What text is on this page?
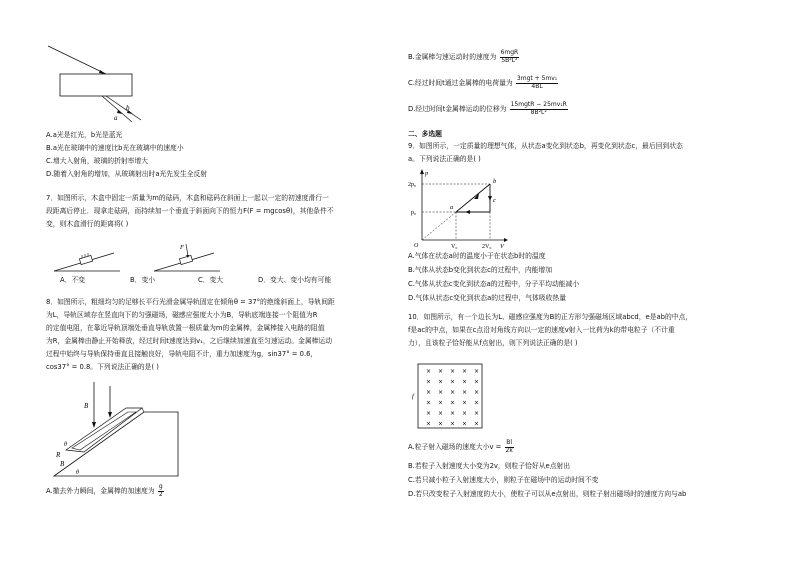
b
a
A.a光是红光，b光是蓝光
B.a光在玻璃中的速度比b光在玻璃中的速度小
C.增大入射角，玻璃的折射率增大
D.随着入射角的增加，从玻璃射出时a光先发生全反射
7．如图所示，木盒中固定一质量为m的砝码，木盒和砝码在斜面上一起以一定的初速度滑行一
段距离后停止．现拿走砝码，而持续加一个垂直于斜面向下的恒力F(F = mgcosθ)，其他条件不
变，则木盒滑行的距离将( )
F
A．不变	B．变小	C．变大	D．变大、变小均有可能
8．如图所示，粗细均匀的足够长平行光滑金属导轨固定在倾角θ = 37°的绝缘斜面上，导轨间距
为L，导轨区域存在竖直向下的匀强磁场，磁感应强度大小为B，导轨底端连接一个阻值为R
的定值电阻，在靠近导轨顶端处垂直导轨放置一根质量为m的金属棒，金属棒接入电路的阻值
为R，金属棒由静止开始释放，经过时间t速度达到v₁，之后继续加速直至匀速运动。金属棒运动
过程中始终与导轨保持垂直且接触良好，导轨电阻不计，重力加速度为g，sin37° = 0.6，
cos37° = 0.8。下列说法正确的是( )
B
B
R
θ
θ
A.撤去外力瞬间，金属棒的加速度为 $\frac{g}{2}$
B.金属棒匀速运动时的速度为 $\frac{\text{6mgR}}{\text{5B²L²}}$
C.经过时间t通过金属棒的电荷量为 $\frac{\text{3mgt + 5mv₁}}{4BL}$
D.经过时间t金属棒运动的位移为 $\frac{\text{15mgtR − 25mv₁R}}{\text{8B²L²}}$
二、多选题
9．如图所示，一定质量的理想气体，从状态a变化到状态b，再变化到状态c，最后回到状态
a。下列说法正确的是( )
p
2p₀
p₀
O	V₀	2V₀ V
a
b
c
A.气体在状态a时的温度小于在状态b时的温度
B.气体从状态b变化到状态c的过程中，内能增加
C.气体从状态c变化到状态a的过程中，分子平均动能减小
D.气体从状态c变化到状态a的过程中，气体吸收热量
10．如图所示，有一个边长为L、磁感应强度为B的正方形匀强磁场区域abcd，e是ab的中点，
f是ac的中点，如果在c点沿对角线方向以一定的速度v射入一比荷为k的带电粒子（不计重
力），且该粒子恰好能从f点射出，则下列说法正确的是( )
× × × × ×
× × × × ×
× × × × ×
× × × × ×
× × × × ×
× × × × ×
f
A.粒子射入磁场的速度大小$v = \frac{Bl}{2k}$
B.若粒子入射速度大小变为2v，则粒子恰好从e点射出
C.若只减小粒子入射速度大小，则粒子在磁场中的运动时间不变
D.若只改变粒子入射速度的大小，使粒子可以从e点射出，则粒子射出磁场时的速度方向与ab
